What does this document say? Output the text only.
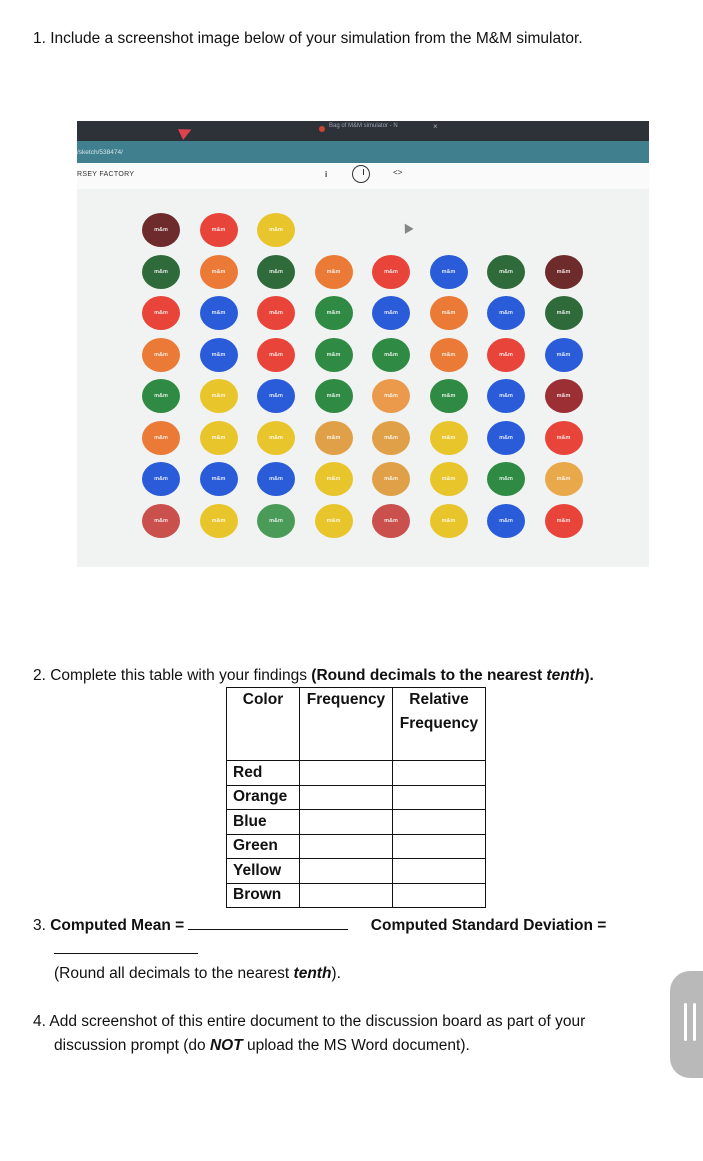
1. Include a screenshot image below of your simulation from the M&M simulator.
Bag of M&M simulator - N	×
/sketch/538474/
RSEY FACTORY	i	<>
m&m	m&m	m&m
m&m	m&m	m&m	m&m	m&m	m&m	m&m	m&m
m&m	m&m	m&m	m&m	m&m	m&m	m&m	m&m
m&m	m&m	m&m	m&m	m&m	m&m	m&m	m&m
m&m	m&m	m&m	m&m	m&m	m&m	m&m	m&m
m&m	m&m	m&m	m&m	m&m	m&m	m&m	m&m
m&m	m&m	m&m	m&m	m&m	m&m	m&m	m&m
m&m	m&m	m&m	m&m	m&m	m&m	m&m	m&m
2. Complete this table with your findings (Round decimals to the nearest tenth).
Color	Frequency	Relative Frequency

Red		
Orange		
Blue		
Green		
Yellow		
Brown		
3. Computed Mean =	Computed Standard Deviation =
(Round all decimals to the nearest tenth).
4. Add screenshot of this entire document to the discussion board as part of your
discussion prompt (do NOT upload the MS Word document).
